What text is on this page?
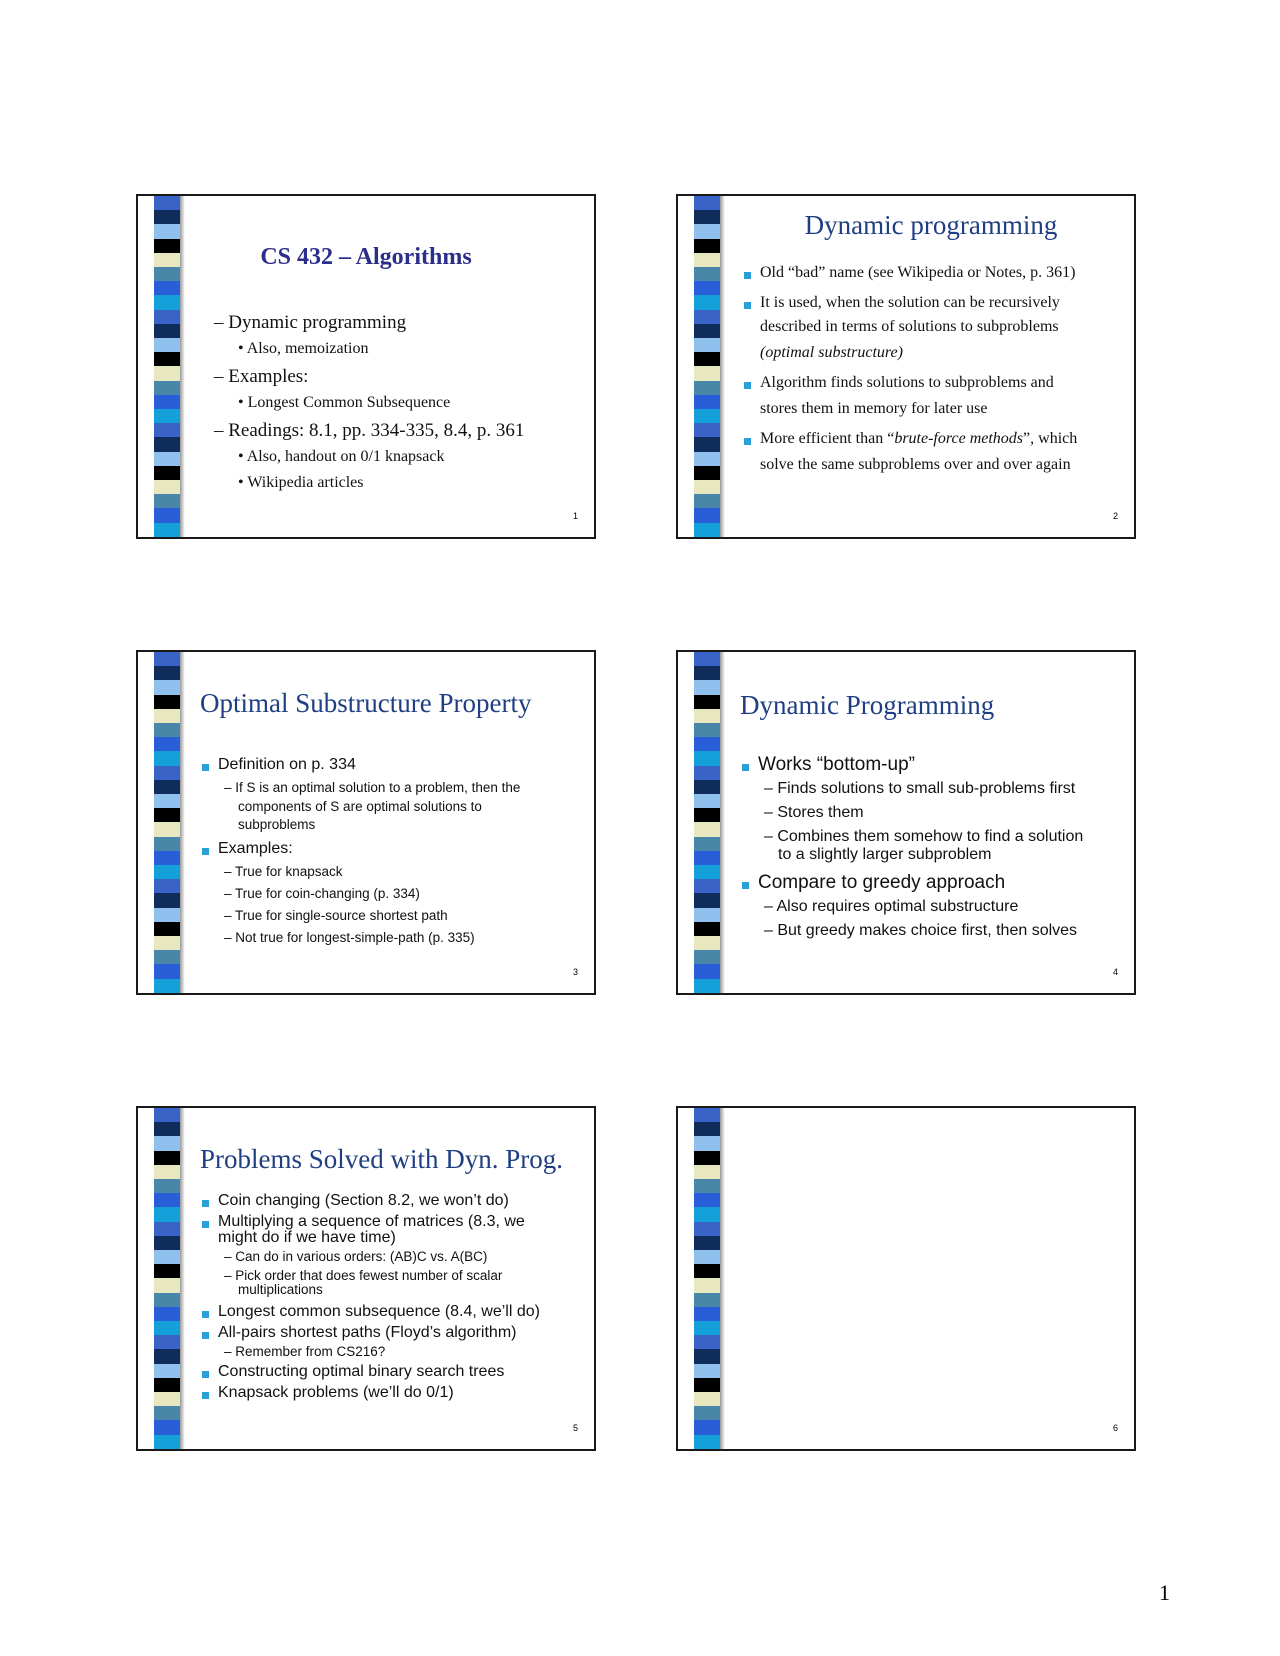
CS 432 – Algorithms
– Dynamic programming
• Also, memoization
– Examples:
• Longest Common Subsequence
– Readings: 8.1, pp. 334-335, 8.4, p. 361
• Also, handout on 0/1 knapsack
• Wikipedia articles
1
Dynamic programming
Old “bad” name (see Wikipedia or Notes, p. 361)
It is used, when the solution can be recursively
described in terms of solutions to subproblems
(optimal substructure)
Algorithm finds solutions to subproblems and
stores them in memory for later use
More efficient than “brute-force methods”, which
solve the same subproblems over and over again
2
Optimal Substructure Property
Definition on p. 334
– If S is an optimal solution to a problem, then the
components of S are optimal solutions to
subproblems
Examples:
– True for knapsack
– True for coin-changing (p. 334)
– True for single-source shortest path
– Not true for longest-simple-path (p. 335)
3
Dynamic Programming
Works “bottom-up”
– Finds solutions to small sub-problems first
– Stores them
– Combines them somehow to find a solution
to a slightly larger subproblem
Compare to greedy approach
– Also requires optimal substructure
– But greedy makes choice first, then solves
4
Problems Solved with Dyn. Prog.
Coin changing (Section 8.2, we won’t do)
Multiplying a sequence of matrices (8.3, we
might do if we have time)
– Can do in various orders: (AB)C vs. A(BC)
– Pick order that does fewest number of scalar
multiplications
Longest common subsequence (8.4, we’ll do)
All-pairs shortest paths (Floyd’s algorithm)
– Remember from CS216?
Constructing optimal binary search trees
Knapsack problems (we’ll do 0/1)
5	6
1
